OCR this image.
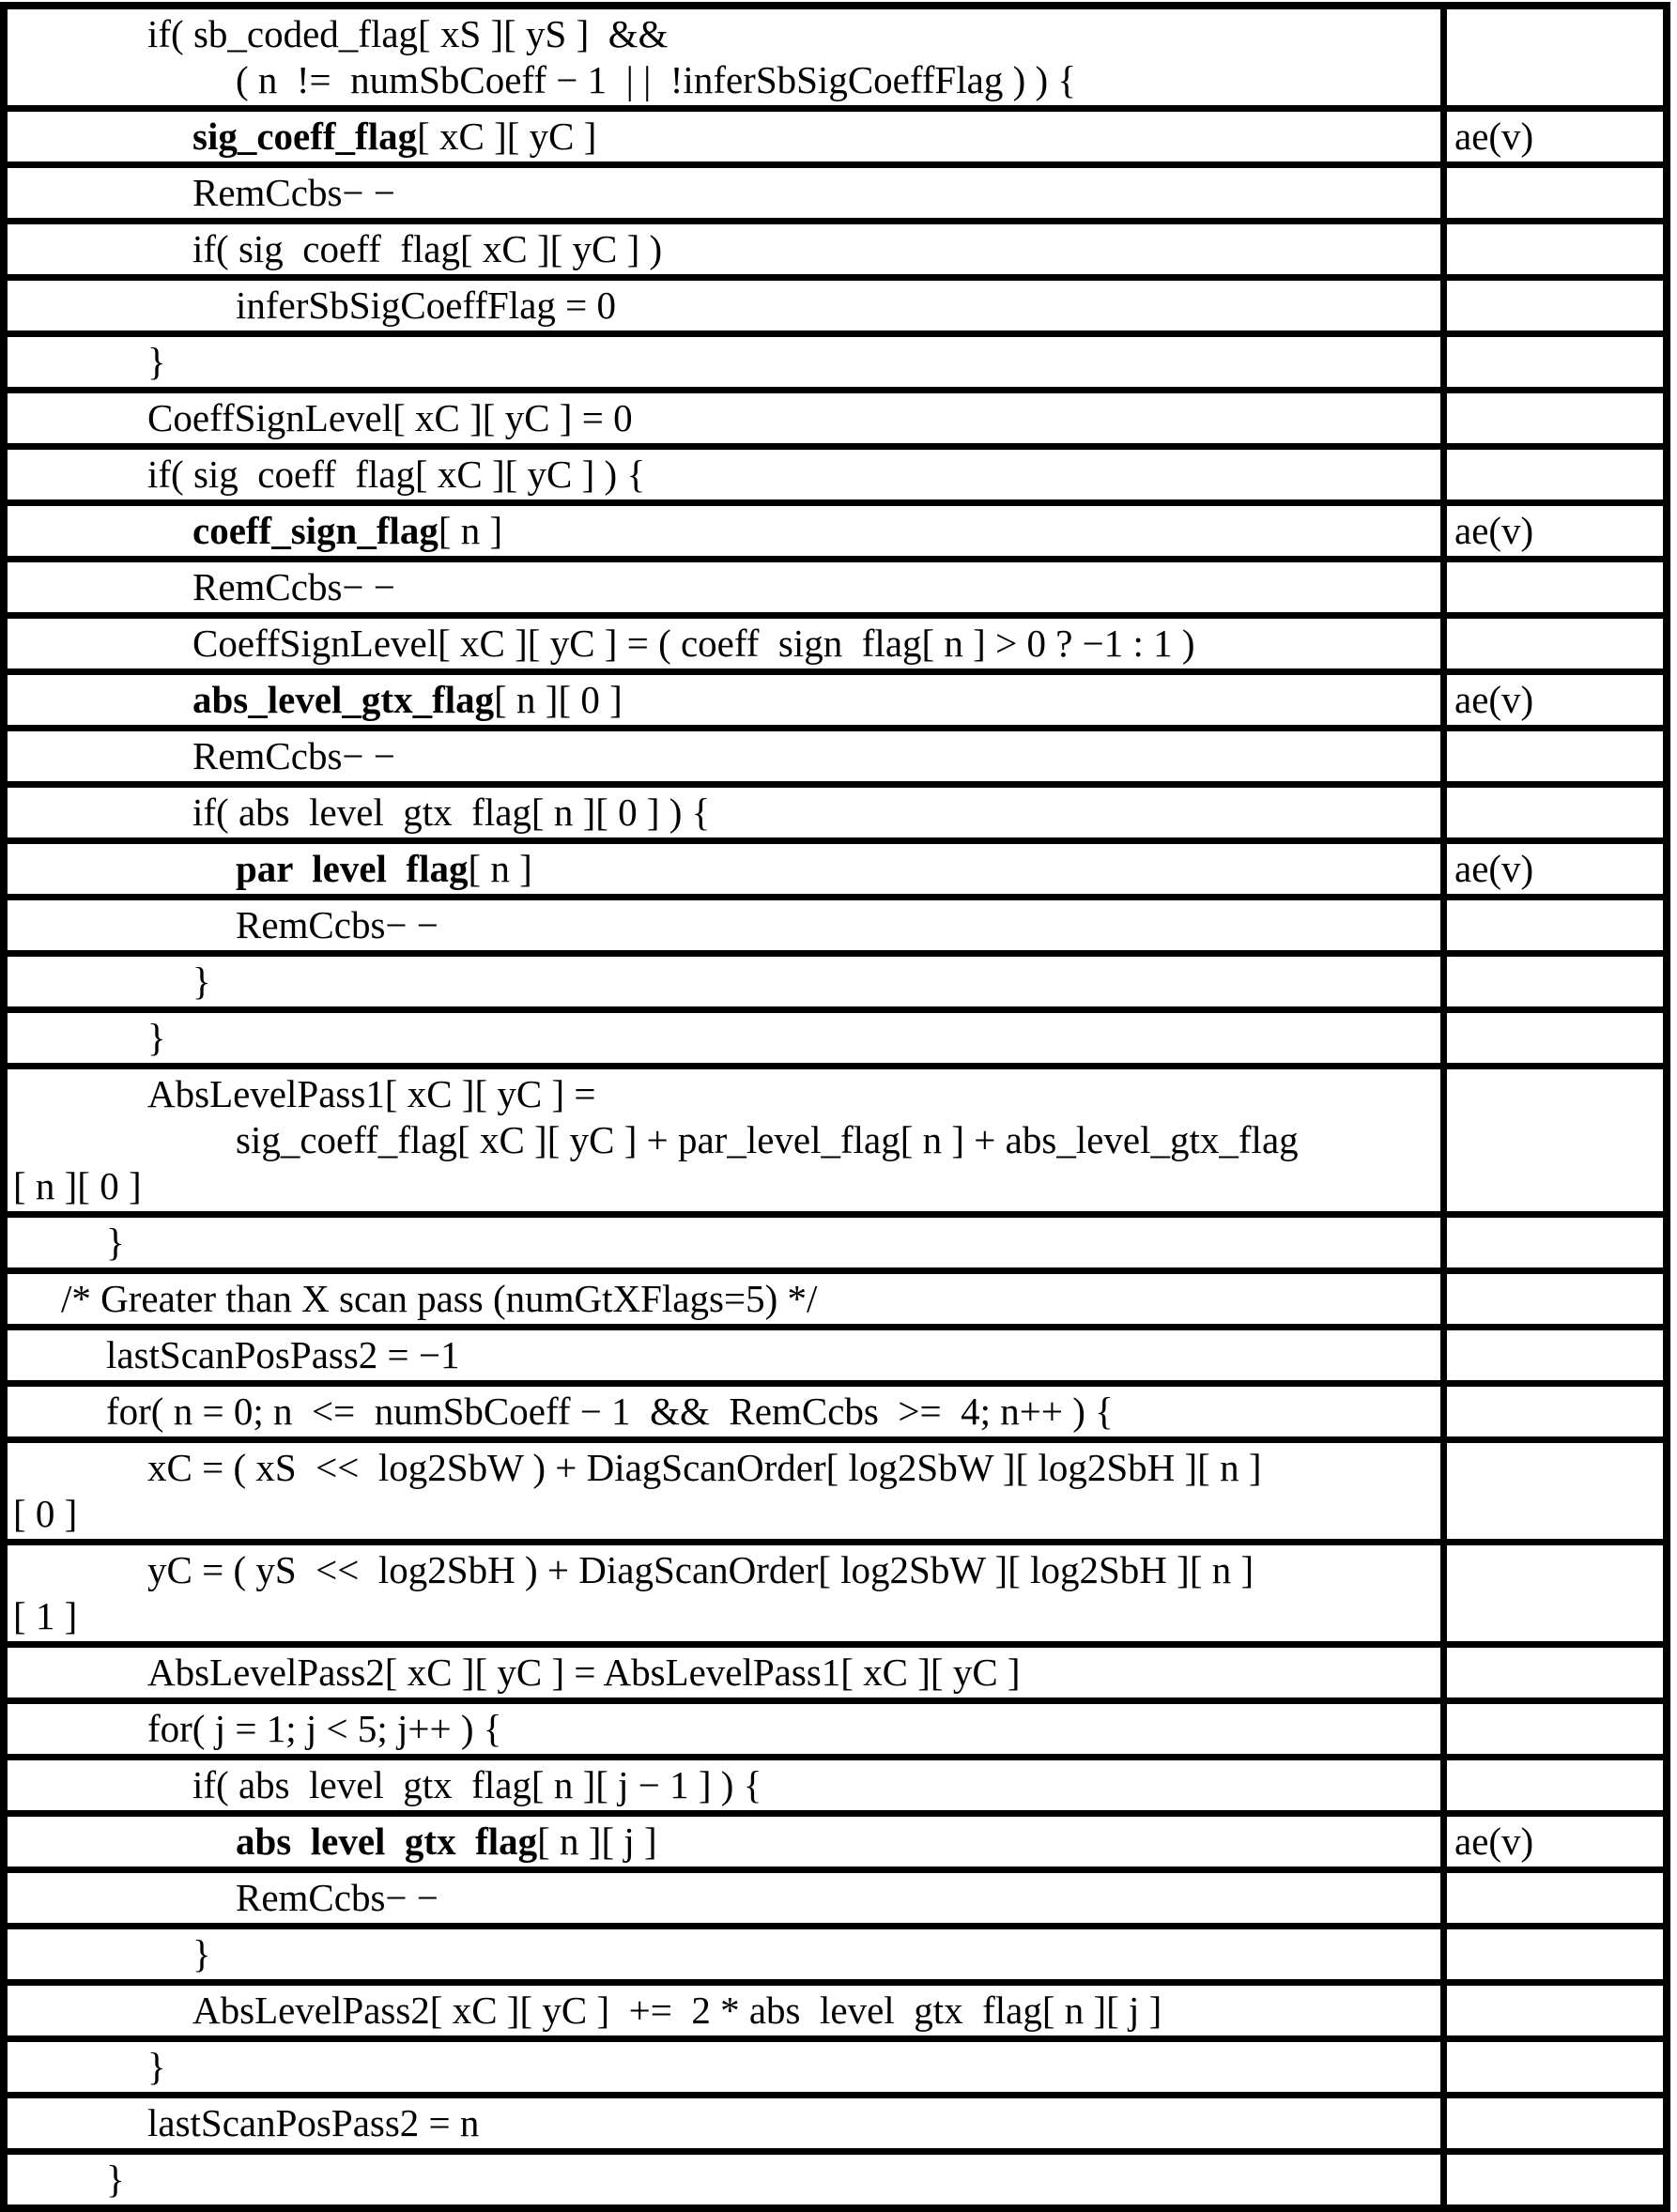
if( sb_coded_flag[ xS ][ yS ]  &&
( n  !=  numSbCoeff − 1  | |  !inferSbSigCoeffFlag ) ) {
sig_coeff_flag[ xC ][ yC ]	ae(v)
RemCcbs− −
if( sig  coeff  flag[ xC ][ yC ] )
inferSbSigCoeffFlag = 0
}
CoeffSignLevel[ xC ][ yC ] = 0
if( sig  coeff  flag[ xC ][ yC ] ) {
coeff_sign_flag[ n ]	ae(v)
RemCcbs− −
CoeffSignLevel[ xC ][ yC ] = ( coeff  sign  flag[ n ] > 0 ? −1 : 1 )
abs_level_gtx_flag[ n ][ 0 ]	ae(v)
RemCcbs− −
if( abs  level  gtx  flag[ n ][ 0 ] ) {
par  level  flag[ n ]	ae(v)
RemCcbs− −
}
}
AbsLevelPass1[ xC ][ yC ] =
sig_coeff_flag[ xC ][ yC ] + par_level_flag[ n ] + abs_level_gtx_flag
[ n ][ 0 ]
}
/* Greater than X scan pass (numGtXFlags=5) */
lastScanPosPass2 = −1
for( n = 0; n  <=  numSbCoeff − 1  &&  RemCcbs  >=  4; n++ ) {
xC = ( xS  <<  log2SbW ) + DiagScanOrder[ log2SbW ][ log2SbH ][ n ]
[ 0 ]
yC = ( yS  <<  log2SbH ) + DiagScanOrder[ log2SbW ][ log2SbH ][ n ]
[ 1 ]
AbsLevelPass2[ xC ][ yC ] = AbsLevelPass1[ xC ][ yC ]
for( j = 1; j < 5; j++ ) {
if( abs  level  gtx  flag[ n ][ j − 1 ] ) {
abs  level  gtx  flag[ n ][ j ]	ae(v)
RemCcbs− −
}
AbsLevelPass2[ xC ][ yC ]  +=  2 * abs  level  gtx  flag[ n ][ j ]
}
lastScanPosPass2 = n
}
